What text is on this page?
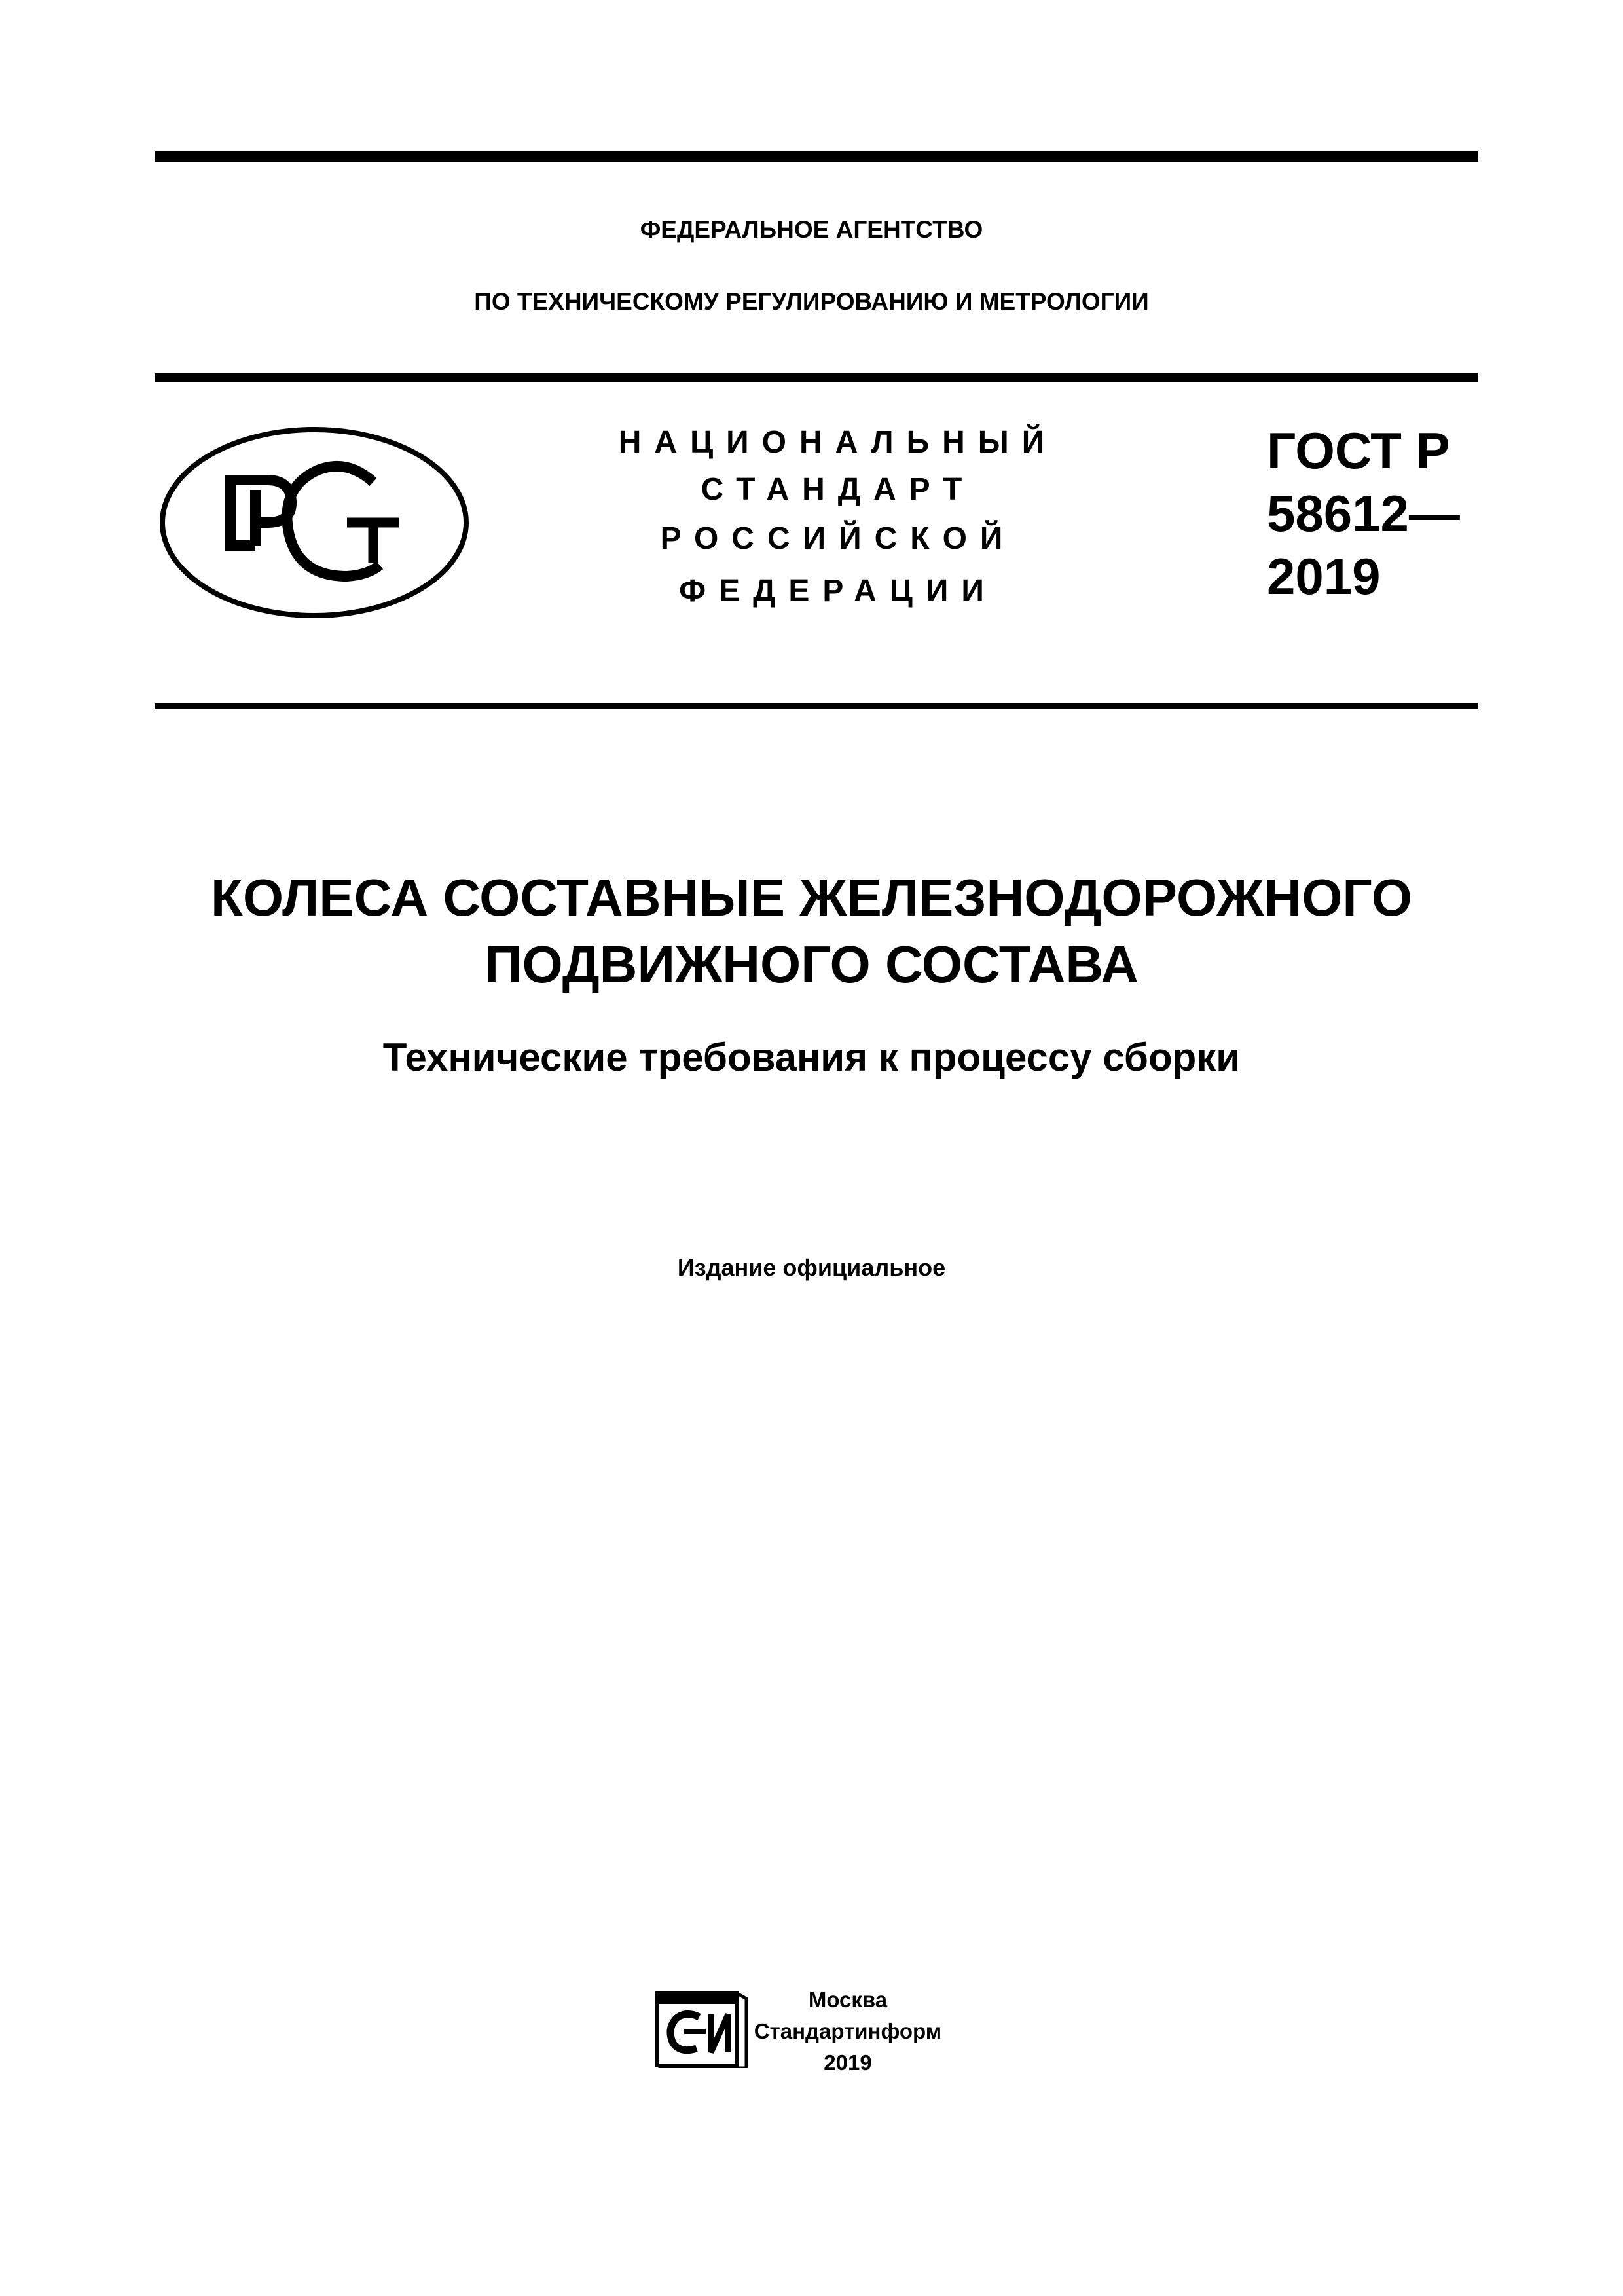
ФЕДЕРАЛЬНОЕ АГЕНТСТВО
ПО ТЕХНИЧЕСКОМУ РЕГУЛИРОВАНИЮ И МЕТРОЛОГИИ
НАЦИОНАЛЬНЫЙ
СТАНДАРТ
РОССИЙСКОЙ
ФЕДЕРАЦИИ
ГОСТ Р
58612—
2019
КОЛЕСА СОСТАВНЫЕ ЖЕЛЕЗНОДОРОЖНОГО
ПОДВИЖНОГО СОСТАВА
Технические требования к процессу сборки
Издание официальное
Москва
Стандартинформ
2019
